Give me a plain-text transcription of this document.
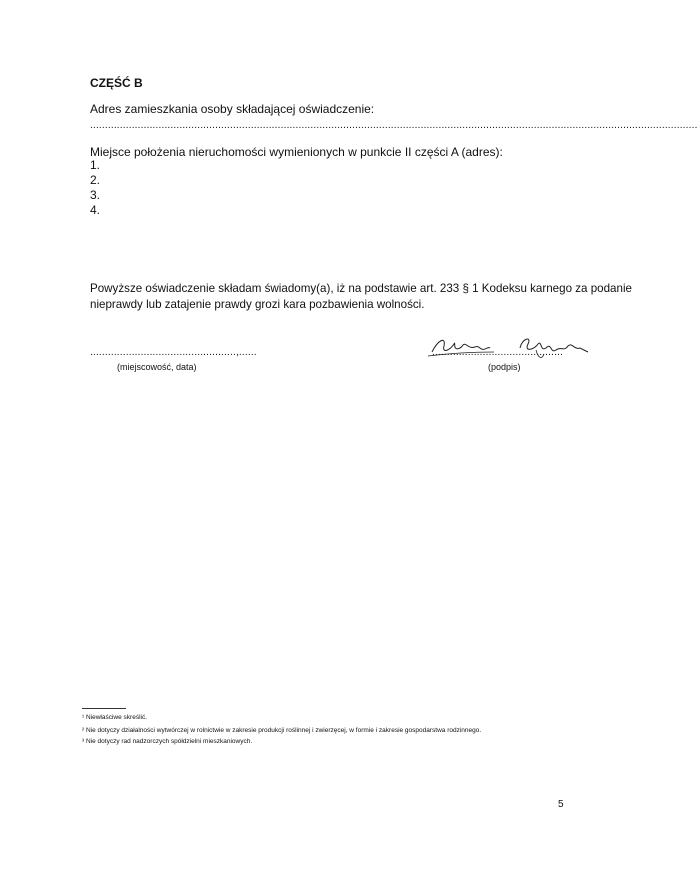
CZĘŚĆ B
Adres zamieszkania osoby składającej oświadczenie:
............................................................................................................................................................................................................
Miejsce położenia nieruchomości wymienionych w punkcie II części A (adres):
1.
2.
3.
4.
Powyższe oświadczenie składam świadomy(a), iż na podstawie art. 233 § 1 Kodeksu karnego za podanie
nieprawdy lub zatajenie prawdy grozi kara pozbawienia wolności.
.................................................,......
(miejscowość, data)
............................................
(podpis)
¹ Niewłaściwe skreślić.
² Nie dotyczy działalności wytwórczej w rolnictwie w zakresie produkcji roślinnej i zwierzęcej, w formie i zakresie gospodarstwa rodzinnego.
³ Nie dotyczy rad nadzorczych spółdzielni mieszkaniowych.
5
